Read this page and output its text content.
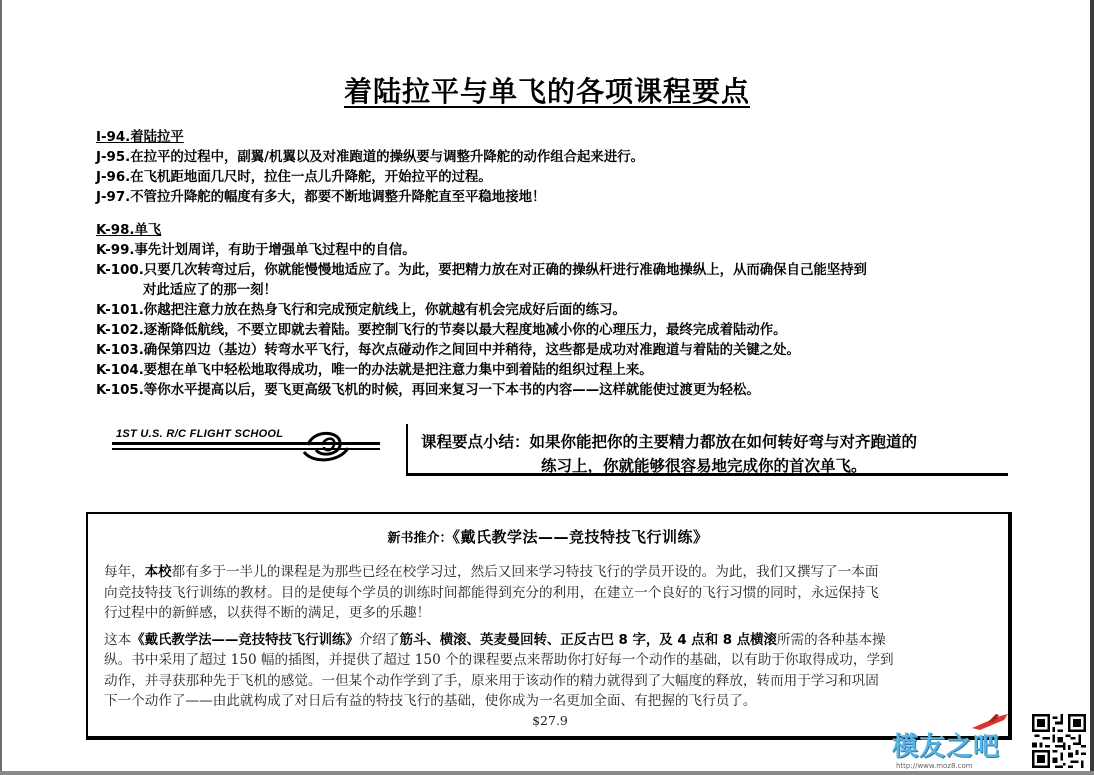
着陆拉平与单飞的各项课程要点
I-94.着陆拉平
J-95.在拉平的过程中，副翼/机翼以及对准跑道的操纵要与调整升降舵的动作组合起来进行。
J-96.在飞机距地面几尺时，拉住一点儿升降舵，开始拉平的过程。
J-97.不管拉升降舵的幅度有多大，都要不断地调整升降舵直至平稳地接地！
K-98.单飞
K-99.事先计划周详，有助于增强单飞过程中的自信。
K-100.只要几次转弯过后，你就能慢慢地适应了。为此，要把精力放在对正确的操纵杆进行准确地操纵上，从而确保自己能坚持到
对此适应了的那一刻！
K-101.你越把注意力放在热身飞行和完成预定航线上，你就越有机会完成好后面的练习。
K-102.逐渐降低航线，不要立即就去着陆。要控制飞行的节奏以最大程度地减小你的心理压力，最终完成着陆动作。
K-103.确保第四边（基边）转弯水平飞行，每次点碰动作之间回中并稍待，这些都是成功对准跑道与着陆的关键之处。
K-104.要想在单飞中轻松地取得成功，唯一的办法就是把注意力集中到着陆的组织过程上来。
K-105.等你水平提高以后，要飞更高级飞机的时候，再回来复习一下本书的内容——这样就能使过渡更为轻松。
1ST U.S. R/C FLIGHT SCHOOL	课程要点小结：如果你能把你的主要精力都放在如何转好弯与对齐跑道的
练习上，你就能够很容易地完成你的首次单飞。
新书推介：《戴氏教学法——竞技特技飞行训练》
每年，本校都有多于一半儿的课程是为那些已经在校学习过，然后又回来学习特技飞行的学员开设的。为此，我们又撰写了一本面
向竞技特技飞行训练的教材。目的是使每个学员的训练时间都能得到充分的利用，在建立一个良好的飞行习惯的同时，永远保持飞
行过程中的新鲜感，以获得不断的满足，更多的乐趣！
这本《戴氏教学法——竞技特技飞行训练》介绍了筋斗、横滚、英麦曼回转、正反古巴 8 字，及 4 点和 8 点横滚所需的各种基本操
纵。书中采用了超过 150 幅的插图，并提供了超过 150 个的课程要点来帮助你打好每一个动作的基础，以有助于你取得成功，学到
动作，并寻获那种先于飞机的感觉。一但某个动作学到了手，原来用于该动作的精力就得到了大幅度的释放，转而用于学习和巩固
下一个动作了——由此就构成了对日后有益的特技飞行的基础，使你成为一名更加全面、有把握的飞行员了。
$27.9
模友之吧
http://www.moz8.com
